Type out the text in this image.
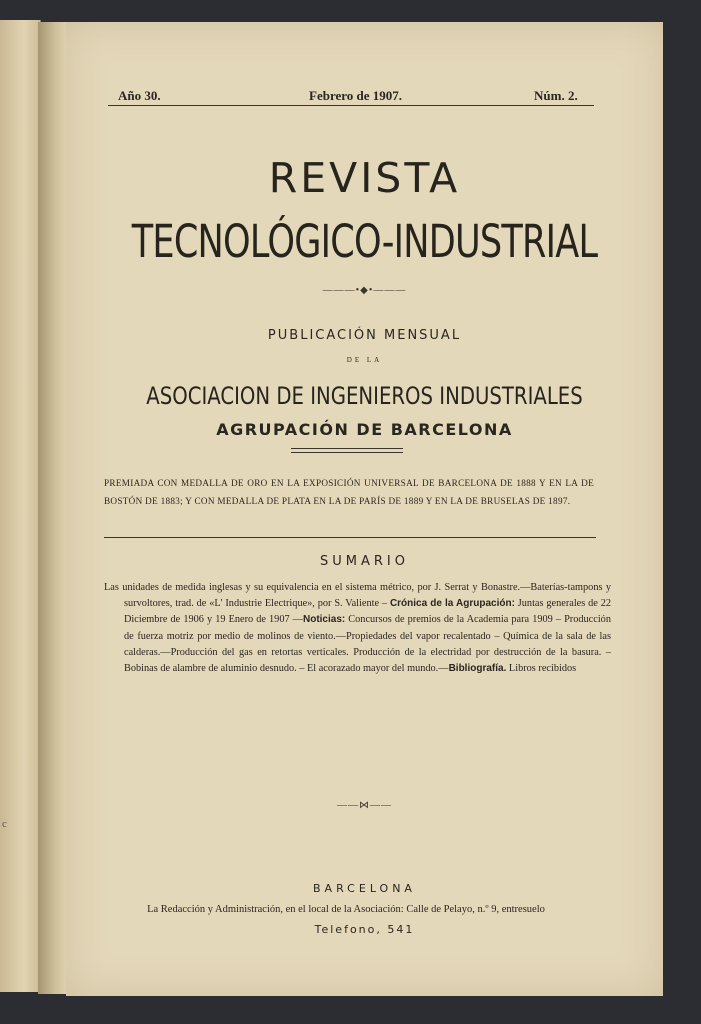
c
Año 30.	Febrero de 1907.	Núm. 2.
REVISTA
TECNOLÓGICO-INDUSTRIAL
———•◆•———
PUBLICACIÓN MENSUAL
DE LA
ASOCIACION DE INGENIEROS INDUSTRIALES
AGRUPACIÓN DE BARCELONA
PREMIADA CON MEDALLA DE ORO EN LA EXPOSICIÓN UNIVERSAL DE BARCELONA DE 1888 Y EN LA DE BOSTÓN DE 1883; Y CON MEDALLA DE PLATA EN LA DE PARÍS DE 1889 Y EN LA DE BRUSELAS DE 1897.
SUMARIO
Las unidades de medida inglesas y su equivalencia en el sistema métrico, por J. Serrat y Bonastre.—Baterías-tampons y survoltores, trad. de «L' Industrie Electrique», por S. Valiente – Crónica de la Agrupación: Juntas generales de 22 Diciembre de 1906 y 19 Enero de 1907 —Noticias: Concursos de premios de la Academia para 1909 – Producción de fuerza motriz por medio de molinos de viento.—Propiedades del vapor recalentado – Química de la sala de las calderas.—Producción del gas en retortas verticales. Producción de la electridad por destrucción de la basura. – Bobinas de alambre de aluminio desnudo. – El acorazado mayor del mundo.—Bibliografía. Libros recibidos
——⋈——
BARCELONA
La Redacción y Administración, en el local de la Asociación: Calle de Pelayo, n.º 9, entresuelo
Telefono, 541
